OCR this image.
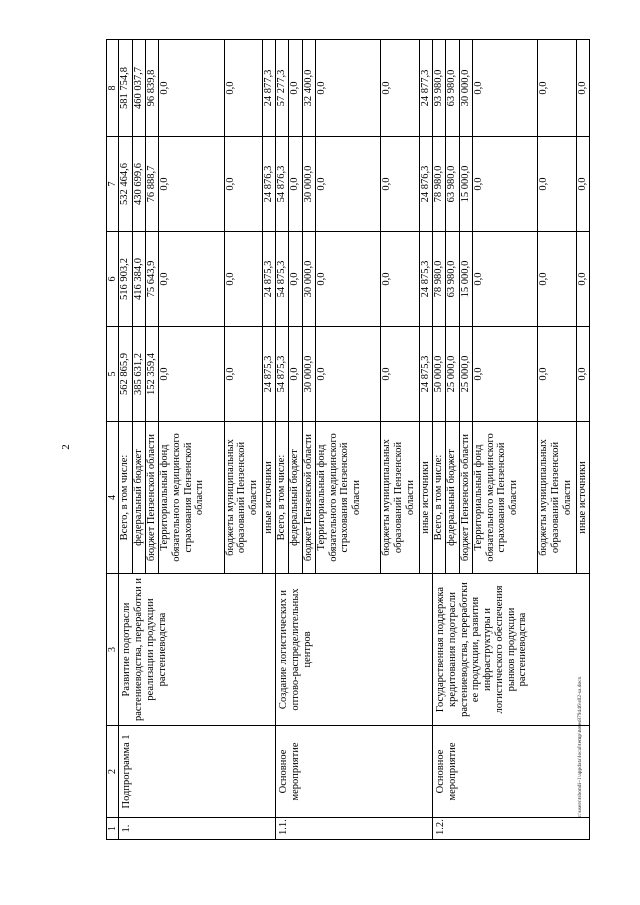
2
c:\users\tsbondi~1\appdata\local\temp\notes879446\s02-sa.docx
1	2	3	4	5	6	7	8

1.	Подпрограмма 1	Развитие подотрасли растениеводства, переработки и реализации продукции растениеводства	Всего, в том числе:	562 865,9	516 903,2	532 464,6	581 754,8

			федеральный бюджет	385 631,2	416 384,0	430 699,6	460 037,7

			бюджет Пензенской области	152 359,4	75 643,9	76 888,7	96 839,8

			Территориальный фонд обязательного медицинского страхования Пензенской области	0,0	0,0	0,0	0,0

			бюджеты муниципальных образований Пензенской области	0,0	0,0	0,0	0,0

			иные источники	24 875,3	24 875,3	24 876,3	24 877,3

1.1.	Основное мероприятие	Создание логистических и оптово-распределительных центров	Всего, в том числе:	54 875,3	54 875,3	54 876,3	57 277,3

			федеральный бюджет	0,0	0,0	0,0	0,0

			бюджет Пензенской области	30 000,0	30 000,0	30 000,0	32 400,0

			Территориальный фонд обязательного медицинского страхования Пензенской области	0,0	0,0	0,0	0,0

			бюджеты муниципальных образований Пензенской области	0,0	0,0	0,0	0,0

			иные источники	24 875,3	24 875,3	24 876,3	24 877,3

1.2.	Основное мероприятие	Государственная поддержка кредитования подотрасли растениеводства, переработки ее продукции, развития инфраструктуры и логистического обеспечения рынков продукции растениеводства	Всего, в том числе:	50 000,0	78 980,0	78 980,0	93 980,0

			федеральный бюджет	25 000,0	63 980,0	63 980,0	63 980,0

			бюджет Пензенской области	25 000,0	15 000,0	15 000,0	30 000,0

			Территориальный фонд обязательного медицинского страхования Пензенской области	0,0	0,0	0,0	0,0

			бюджеты муниципальных образований Пензенской области	0,0	0,0	0,0	0,0

			иные источники	0,0	0,0	0,0	0,0
